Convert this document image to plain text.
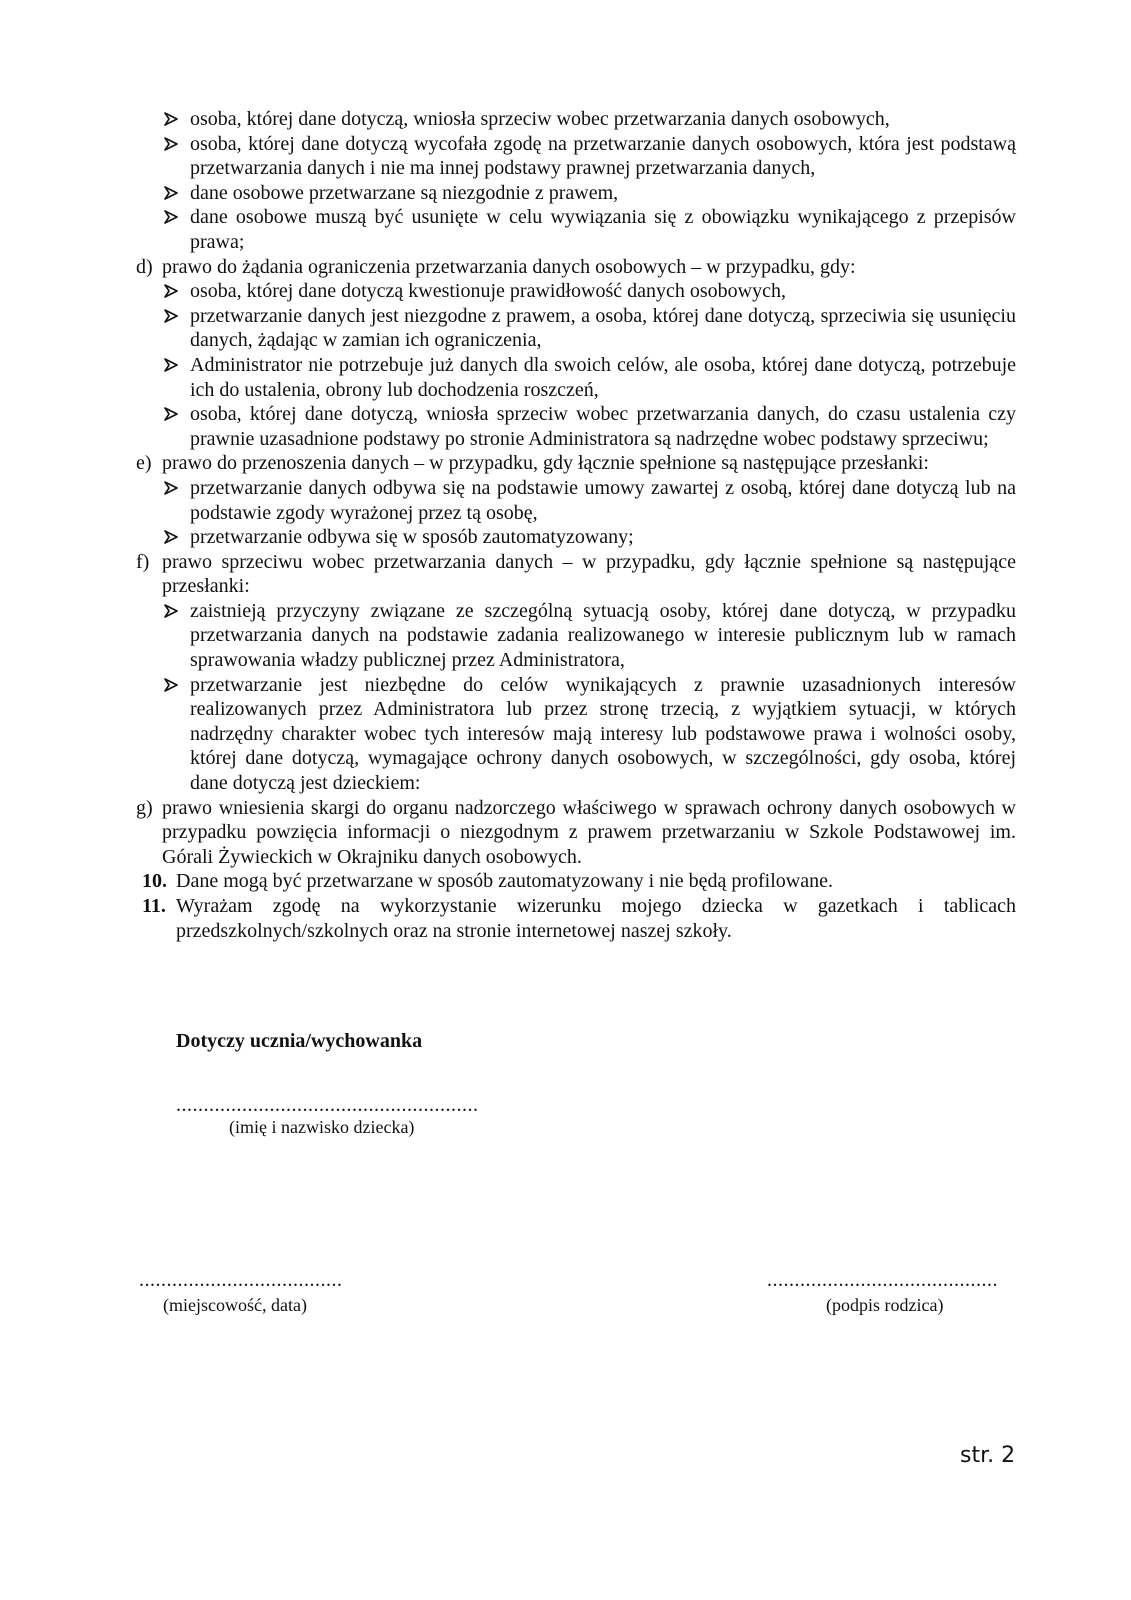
osoba, której dane dotyczą, wniosła sprzeciw wobec przetwarzania danych osobowych,
osoba, której dane dotyczą wycofała zgodę na przetwarzanie danych osobowych, która jest podstawą przetwarzania danych i nie ma innej podstawy prawnej przetwarzania danych,
dane osobowe przetwarzane są niezgodnie z prawem,
dane osobowe muszą być usunięte w celu wywiązania się z obowiązku wynikającego z przepisów prawa;
d) prawo do żądania ograniczenia przetwarzania danych osobowych – w przypadku, gdy:
osoba, której dane dotyczą kwestionuje prawidłowość danych osobowych,
przetwarzanie danych jest niezgodne z prawem, a osoba, której dane dotyczą, sprzeciwia się usunięciu danych, żądając w zamian ich ograniczenia,
Administrator nie potrzebuje już danych dla swoich celów, ale osoba, której dane dotyczą, potrzebuje ich do ustalenia, obrony lub dochodzenia roszczeń,
osoba, której dane dotyczą, wniosła sprzeciw wobec przetwarzania danych, do czasu ustalenia czy prawnie uzasadnione podstawy po stronie Administratora są nadrzędne wobec podstawy sprzeciwu;
e) prawo do przenoszenia danych – w przypadku, gdy łącznie spełnione są następujące przesłanki:
przetwarzanie danych odbywa się na podstawie umowy zawartej z osobą, której dane dotyczą lub na podstawie zgody wyrażonej przez tą osobę,
przetwarzanie odbywa się w sposób zautomatyzowany;
f) prawo sprzeciwu wobec przetwarzania danych – w przypadku, gdy łącznie spełnione są następujące przesłanki:
zaistnieją przyczyny związane ze szczególną sytuacją osoby, której dane dotyczą, w przypadku przetwarzania danych na podstawie zadania realizowanego w interesie publicznym lub w ramach sprawowania władzy publicznej przez Administratora,
przetwarzanie jest niezbędne do celów wynikających z prawnie uzasadnionych interesów realizowanych przez Administratora lub przez stronę trzecią, z wyjątkiem sytuacji, w których nadrzędny charakter wobec tych interesów mają interesy lub podstawowe prawa i wolności osoby, której dane dotyczą, wymagające ochrony danych osobowych, w szczególności, gdy osoba, której dane dotyczą jest dzieckiem:
g) prawo wniesienia skargi do organu nadzorczego właściwego w sprawach ochrony danych osobowych w przypadku powzięcia informacji o niezgodnym z prawem przetwarzaniu w Szkole Podstawowej im. Górali Żywieckich w Okrajniku danych osobowych.
10. Dane mogą być przetwarzane w sposób zautomatyzowany i nie będą profilowane.
11. Wyrażam zgodę na wykorzystanie wizerunku mojego dziecka w gazetkach i tablicach przedszkolnych/szkolnych oraz na stronie internetowej naszej szkoły.
Dotyczy ucznia/wychowanka
.......................................................
(imię i nazwisko dziecka)
.....................................
(miejscowość, data)
..........................................
(podpis rodzica)
str. 2
